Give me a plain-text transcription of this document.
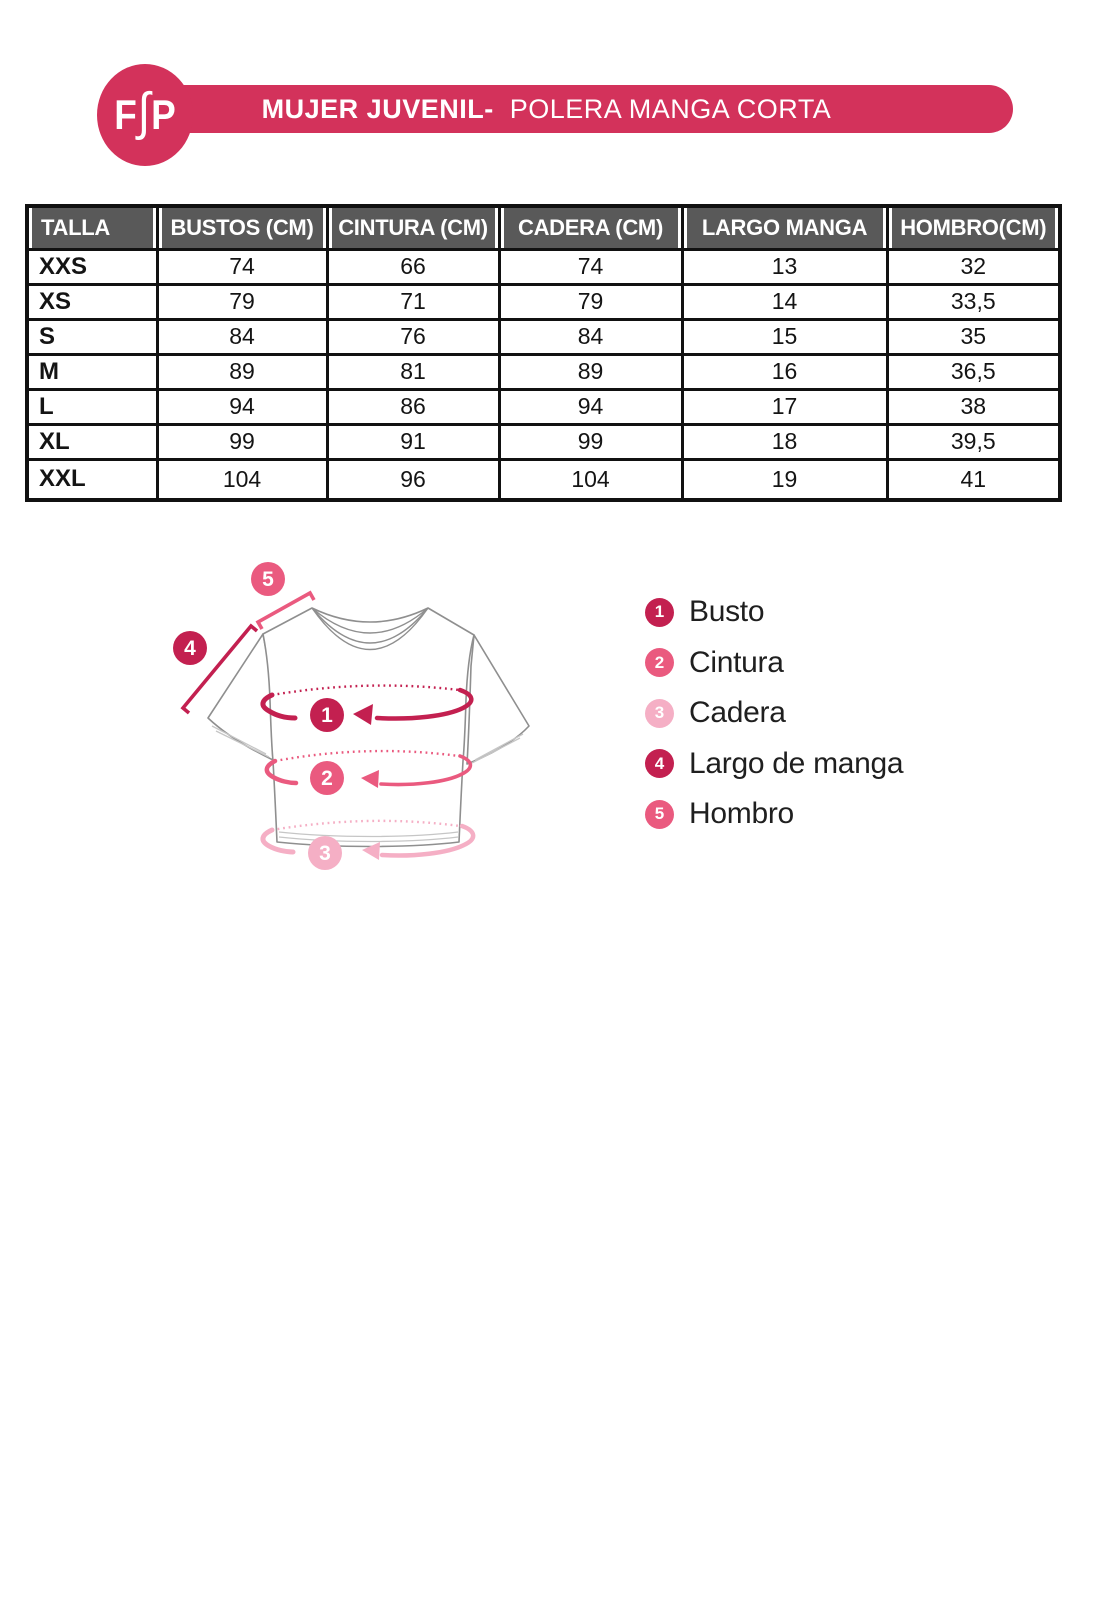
MUJER JUVENIL- POLERA MANGA CORTA
F ∫ P
TALLA	BUSTOS (CM)	CINTURA (CM)	CADERA (CM)	LARGO MANGA	HOMBRO(CM)
XXS	74	66	74	13	32
XS	79	71	79	14	33,5
S	84	76	84	15	35
M	89	81	89	16	36,5
L	94	86	94	17	38
XL	99	91	99	18	39,5
XXL	104	96	104	19	41
1
2
3
4
5
1 Busto
2 Cintura
3 Cadera
4 Largo de manga
5 Hombro
